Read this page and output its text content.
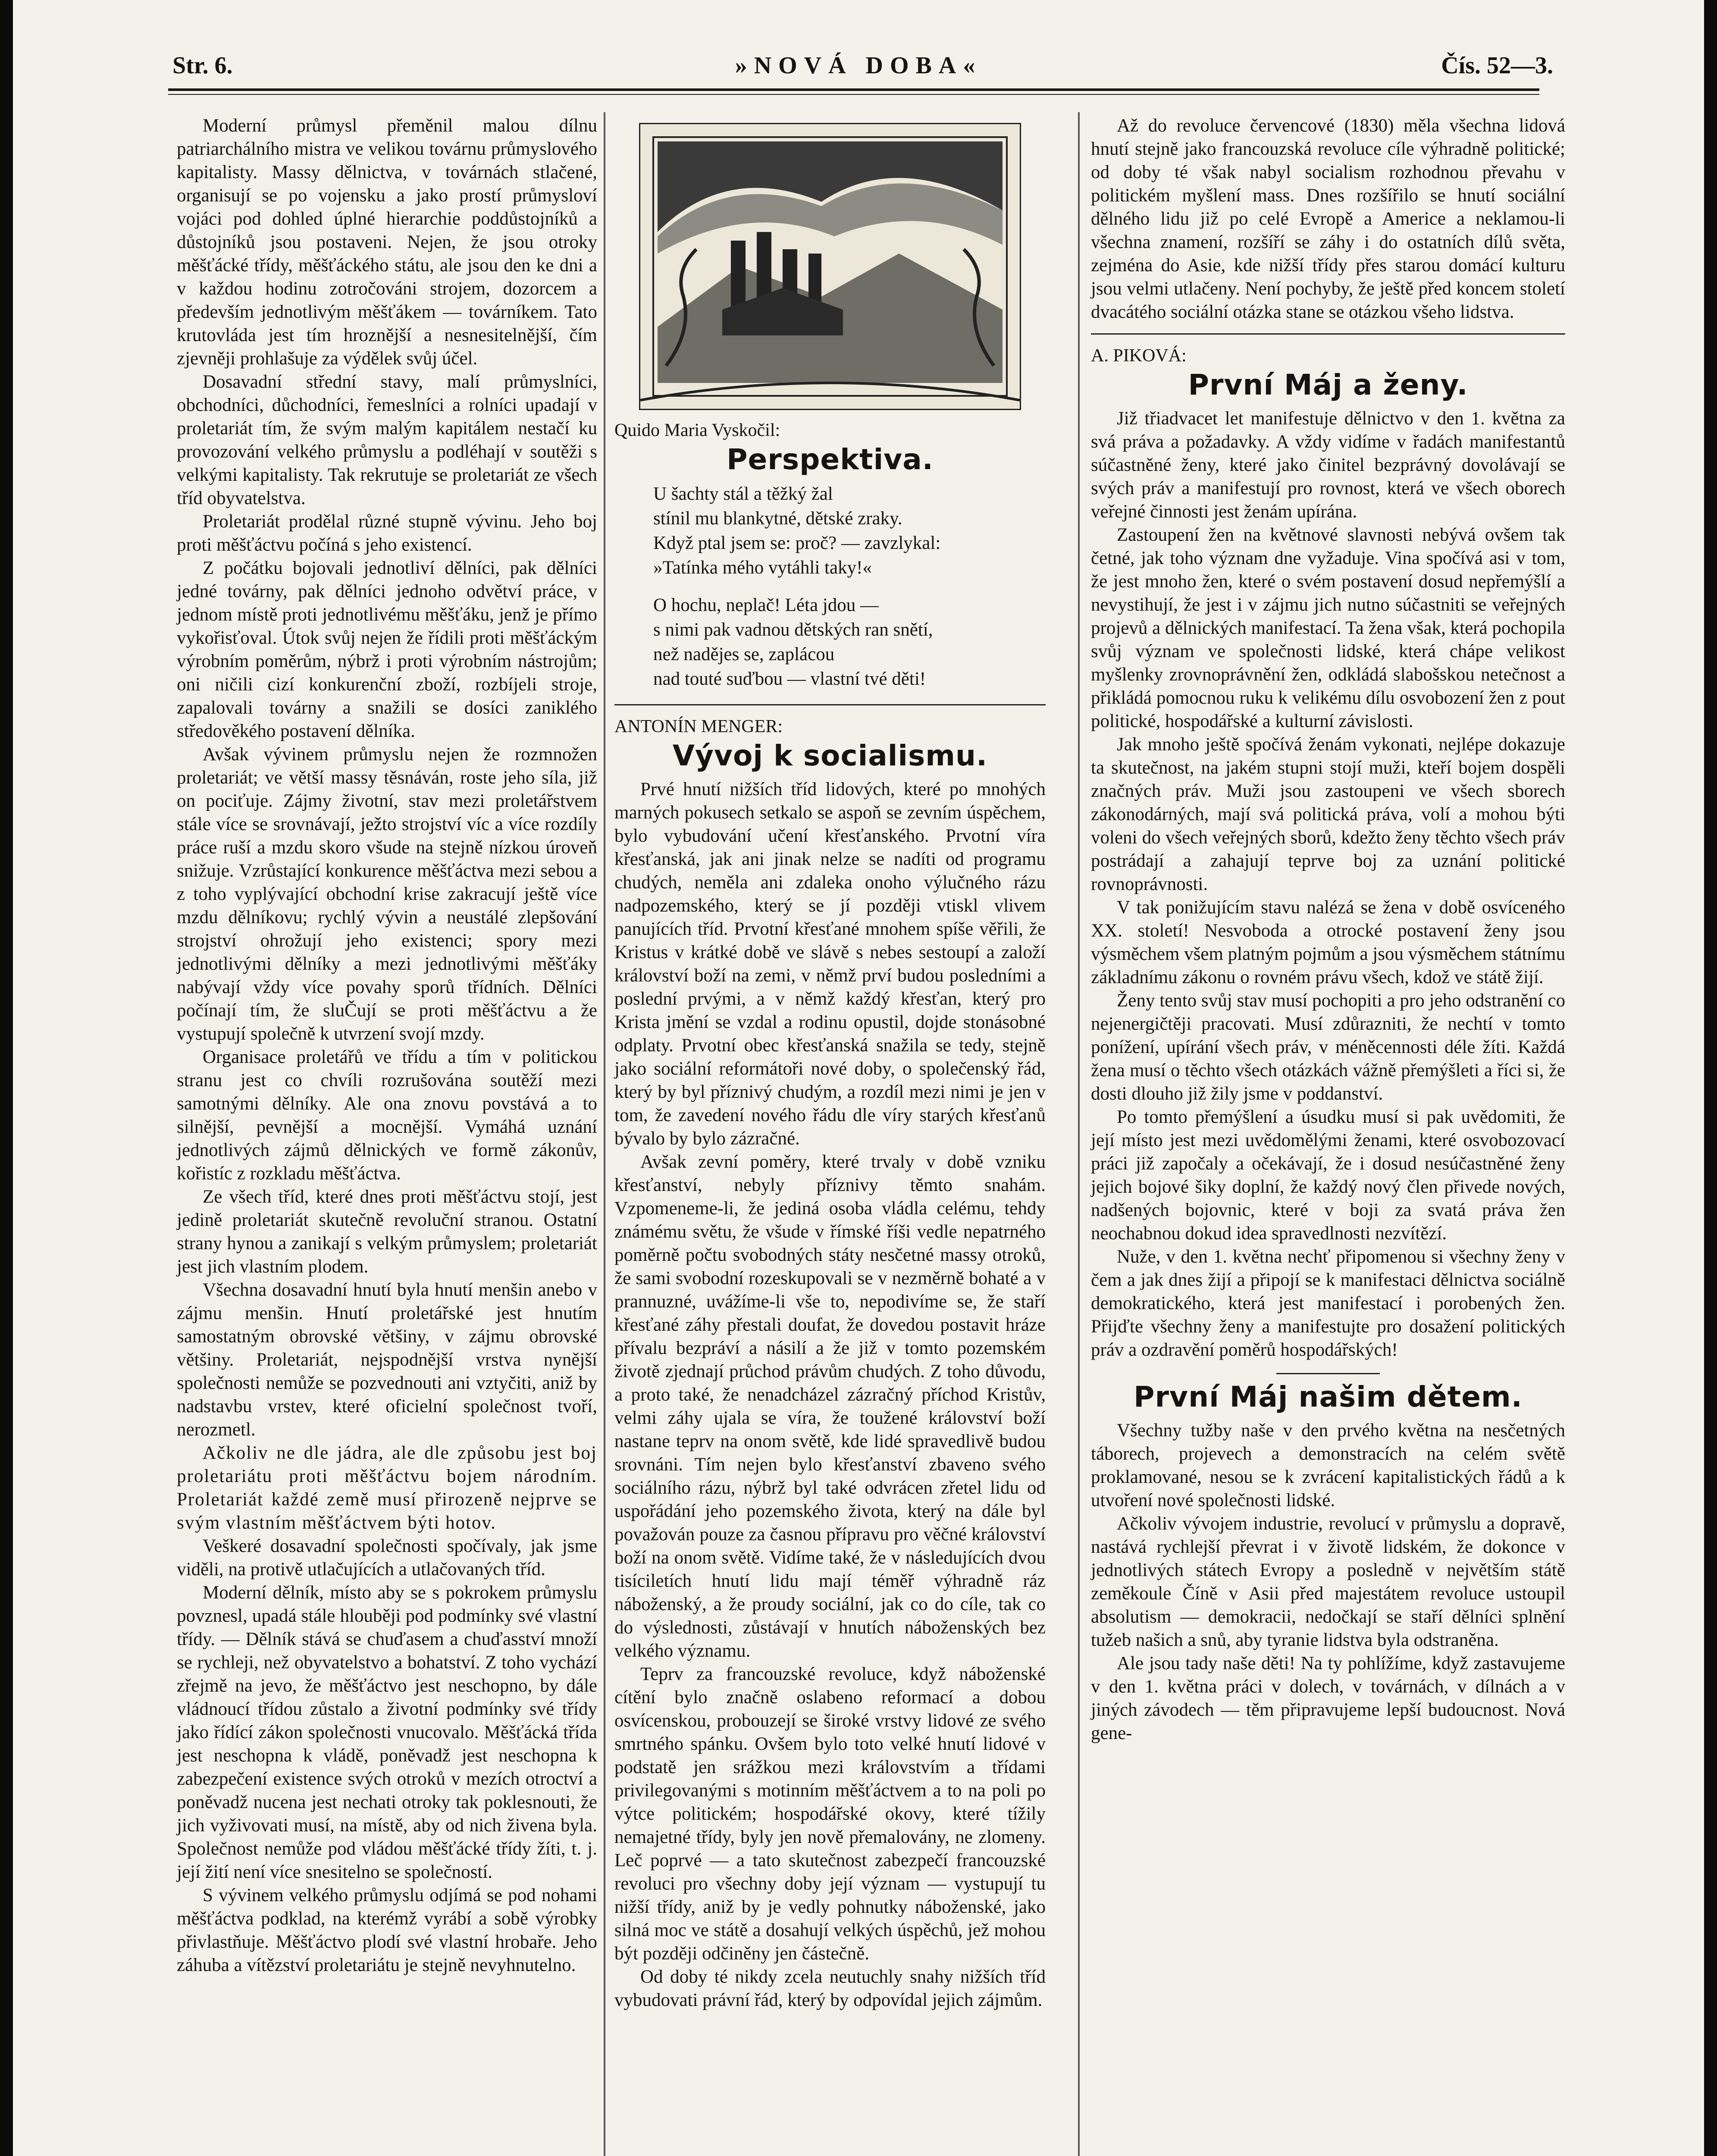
Str. 6.	»NOVÁ DOBA«	Čís. 52—3.

Moderní průmysl přeměnil malou dílnu patriarchálního mistra ve velikou továrnu průmyslového kapitalisty. Massy dělnictva, v továrnách stlačené, organisují se po vojensku a jako prostí průmysloví vojáci pod dohled úplné hierarchie poddůstojníků a důstojníků jsou postaveni. Nejen, že jsou otroky měšťácké třídy, měšťáckého státu, ale jsou den ke dni a v každou hodinu zotročováni strojem, dozorcem a především jednotlivým měšťákem — továrníkem. Tato krutovláda jest tím hroznější a nesnesitelnější, čím zjevněji prohlašuje za výdělek svůj účel.

Dosavadní střední stavy, malí průmyslníci, obchodníci, důchodníci, řemeslníci a rolníci upadají v proletariát tím, že svým malým kapitálem nestačí ku provozování velkého průmyslu a podléhají v soutěži s velkými kapitalisty. Tak rekrutuje se proletariát ze všech tříd obyvatelstva.

Proletariát prodělal různé stupně vývinu. Jeho boj proti měšťáctvu počíná s jeho existencí.

Z počátku bojovali jednotliví dělníci, pak dělníci jedné továrny, pak dělníci jednoho odvětví práce, v jednom místě proti jednotlivému měšťáku, jenž je přímo vykořisťoval. Útok svůj nejen že řídili proti měšťáckým výrobním poměrům, nýbrž i proti výrobním nástrojům; oni ničili cizí konkurenční zboží, rozbíjeli stroje, zapalovali továrny a snažili se dosíci zaniklého středověkého postavení dělníka.

Avšak vývinem průmyslu nejen že rozmnožen proletariát; ve větší massy těsnáván, roste jeho síla, již on pociťuje. Zájmy životní, stav mezi proletářstvem stále více se srovnávají, ježto strojství víc a více rozdíly práce ruší a mzdu skoro všude na stejně nízkou úroveň snižuje. Vzrůstající konkurence měšťáctva mezi sebou a z toho vyplývající obchodní krise zakracují ještě více mzdu dělníkovu; rychlý vývin a neustálé zlepšování strojství ohrožují jeho existenci; spory mezi jednotlivými dělníky a mezi jednotlivými měšťáky nabývají vždy více povahy sporů třídních. Dělníci počínají tím, že sluČují se proti měšťáctvu a že vystupují společně k utvrzení svojí mzdy.

Organisace proletářů ve třídu a tím v politickou stranu jest co chvíli rozrušována soutěží mezi samotnými dělníky. Ale ona znovu povstává a to silnější, pevnější a mocnější. Vymáhá uznání jednotlivých zájmů dělnických ve formě zákonův, kořistíc z rozkladu měšťáctva.

Ze všech tříd, které dnes proti měšťáctvu stojí, jest jedině proletariát skutečně revoluční stranou. Ostatní strany hynou a zanikají s velkým průmyslem; proletariát jest jich vlastním plodem.

Všechna dosavadní hnutí byla hnutí menšin anebo v zájmu menšin. Hnutí proletářské jest hnutím samostatným obrovské většiny, v zájmu obrovské většiny. Proletariát, nejspodnější vrstva nynější společnosti nemůže se pozvednouti ani vztyčiti, aniž by nadstavbu vrstev, které oficielní společnost tvoří, nerozmetl.

Ačkoliv ne dle jádra, ale dle způsobu jest boj proletariátu proti měšťáctvu bojem národním. Proletariát každé země musí přirozeně nejprve se svým vlastním měšťáctvem býti hotov.

Veškeré dosavadní společnosti spočívaly, jak jsme viděli, na protivě utlačujících a utlačovaných tříd.

Moderní dělník, místo aby se s pokrokem průmyslu povznesl, upadá stále hlouběji pod podmínky své vlastní třídy. — Dělník stává se chuďasem a chuďasství množí se rychleji, než obyvatelstvo a bohatství. Z toho vychází zřejmě na jevo, že měšťáctvo jest neschopno, by dále vládnoucí třídou zůstalo a životní podmínky své třídy jako řídící zákon společnosti vnucovalo. Měšťácká třída jest neschopna k vládě, poněvadž jest neschopna k zabezpečení existence svých otroků v mezích otroctví a poněvadž nucena jest nechati otroky tak poklesnouti, že jich vyživovati musí, na místě, aby od nich živena byla. Společnost nemůže pod vládou měšťácké třídy žíti, t. j. její žití není více snesitelno se společností.

S vývinem velkého průmyslu odjímá se pod nohami měšťáctva podklad, na kterémž vyrábí a sobě výrobky přivlastňuje. Měšťáctvo plodí své vlastní hrobaře. Jeho záhuba a vítězství proletariátu je stejně nevyhnutelno.

Quido Maria Vyskočil:

Perspektiva.
U šachty stál a těžký žal
stínil mu blankytné, dětské zraky.
Když ptal jsem se: proč? — zavzlykal:
»Tatínka mého vytáhli taky!«
O hochu, neplač! Léta jdou —
s nimi pak vadnou dětských ran snětí,
než nadějes se, zaplácou
nad touté suďbou — vlastní tvé děti!

ANTONÍN MENGER:

Vývoj k socialismu.

Prvé hnutí nižších tříd lidových, které po mnohých marných pokusech setkalo se aspoň se zevním úspěchem, bylo vybudování učení křesťanského. Prvotní víra křesťanská, jak ani jinak nelze se nadíti od programu chudých, neměla ani zdaleka onoho výlučného rázu nadpozemského, který se jí později vtiskl vlivem panujících tříd. Prvotní křesťané mnohem spíše věřili, že Kristus v krátké době ve slávě s nebes sestoupí a založí království boží na zemi, v němž prví budou posledními a poslední prvými, a v němž každý křesťan, který pro Krista jmění se vzdal a rodinu opustil, dojde stonásobné odplaty. Prvotní obec křesťanská snažila se tedy, stejně jako sociální reformátoři nové doby, o společenský řád, který by byl příznivý chudým, a rozdíl mezi nimi je jen v tom, že zavedení nového řádu dle víry starých křesťanů bývalo by bylo zázračné.

Avšak zevní poměry, které trvaly v době vzniku křesťanství, nebyly příznivy těmto snahám. Vzpomeneme-li, že jediná osoba vládla celému, tehdy známému světu, že všude v římské říši vedle nepatrného poměrně počtu svobodných státy nesčetné massy otroků, že sami svobodní rozeskupovali se v nezměrně bohaté a v prannuzné, uvážíme-li vše to, nepodivíme se, že staří křesťané záhy přestali doufat, že dovedou postavit hráze přívalu bezpráví a násilí a že již v tomto pozemském životě zjednají průchod právům chudých. Z toho důvodu, a proto také, že nenadcházel zázračný příchod Kristův, velmi záhy ujala se víra, že toužené království boží nastane teprv na onom světě, kde lidé spravedlivě budou srovnáni. Tím nejen bylo křesťanství zbaveno svého sociálního rázu, nýbrž byl také odvrácen zřetel lidu od uspořádání jeho pozemského života, který na dále byl považován pouze za časnou přípravu pro věčné království boží na onom světě. Vidíme také, že v následujících dvou tisíciletích hnutí lidu mají téměř výhradně ráz náboženský, a že proudy sociální, jak co do cíle, tak co do výslednosti, zůstávají v hnutích náboženských bez velkého významu.

Teprv za francouzské revoluce, když náboženské cítění bylo značně oslabeno reformací a dobou osvícenskou, probouzejí se široké vrstvy lidové ze svého smrtného spánku. Ovšem bylo toto velké hnutí lidové v podstatě jen srážkou mezi královstvím a třídami privilegovanými s motinním měšťáctvem a to na poli po výtce politickém; hospodářské okovy, které tížily nemajetné třídy, byly jen nově přemalovány, ne zlomeny. Leč poprvé — a tato skutečnost zabezpečí francouzské revoluci pro všechny doby její význam — vystupují tu nižší třídy, aniž by je vedly pohnutky náboženské, jako silná moc ve státě a dosahují velkých úspěchů, jež mohou být později odčiněny jen částečně.

Od doby té nikdy zcela neutuchly snahy nižších tříd vybudovati právní řád, který by odpovídal jejich zájmům.

Až do revoluce červencové (1830) měla všechna lidová hnutí stejně jako francouzská revoluce cíle výhradně politické; od doby té však nabyl socialism rozhodnou převahu v politickém myšlení mass. Dnes rozšířilo se hnutí sociální dělného lidu již po celé Evropě a Americe a neklamou-li všechna znamení, rozšíří se záhy i do ostatních dílů světa, zejména do Asie, kde nižší třídy přes starou domácí kulturu jsou velmi utlačeny. Není pochyby, že ještě před koncem století dvacátého sociální otázka stane se otázkou všeho lidstva.

A. PIKOVÁ:

První Máj a ženy.

Již třiadvacet let manifestuje dělnictvo v den 1. května za svá práva a požadavky. A vždy vidíme v řadách manifestantů súčastněné ženy, které jako činitel bezprávný dovolávají se svých práv a manifestují pro rovnost, která ve všech oborech veřejné činnosti jest ženám upírána.

Zastoupení žen na květnové slavnosti nebývá ovšem tak četné, jak toho význam dne vyžaduje. Vina spočívá asi v tom, že jest mnoho žen, které o svém postavení dosud nepřemýšlí a nevystihují, že jest i v zájmu jich nutno súčastniti se veřejných projevů a dělnických manifestací. Ta žena však, která pochopila svůj význam ve společnosti lidské, která chápe velikost myšlenky zrovnoprávnění žen, odkládá slabošskou netečnost a přikládá pomocnou ruku k velikému dílu osvobození žen z pout politické, hospodářské a kulturní závislosti.

Jak mnoho ještě spočívá ženám vykonati, nejlépe dokazuje ta skutečnost, na jakém stupni stojí muži, kteří bojem dospěli značných práv. Muži jsou zastoupeni ve všech sborech zákonodárných, mají svá politická práva, volí a mohou býti voleni do všech veřejných sborů, kdežto ženy těchto všech práv postrádají a zahajují teprve boj za uznání politické rovnoprávnosti.

V tak ponižujícím stavu nalézá se žena v době osvíceného XX. století! Nesvoboda a otrocké postavení ženy jsou výsměchem všem platným pojmům a jsou výsměchem státnímu základnímu zákonu o rovném právu všech, kdož ve státě žijí.

Ženy tento svůj stav musí pochopiti a pro jeho odstranění co nejenergičtěji pracovati. Musí zdůrazniti, že nechtí v tomto ponížení, upírání všech práv, v méněcennosti déle žíti. Každá žena musí o těchto všech otázkách vážně přemýšleti a říci si, že dosti dlouho již žily jsme v poddanství.

Po tomto přemýšlení a úsudku musí si pak uvědomiti, že její místo jest mezi uvědomělými ženami, které osvobozovací práci již započaly a očekávají, že i dosud nesúčastněné ženy jejich bojové šiky doplní, že každý nový člen přivede nových, nadšených bojovnic, které v boji za svatá práva žen neochabnou dokud idea spravedlnosti nezvítězí.

Nuže, v den 1. května nechť připomenou si všechny ženy v čem a jak dnes žijí a připojí se k manifestaci dělnictva sociálně demokratického, která jest manifestací i porobených žen. Přijďte všechny ženy a manifestujte pro dosažení politických práv a ozdravění poměrů hospodářských!

První Máj našim dětem.

Všechny tužby naše v den prvého května na nesčetných táborech, projevech a demonstracích na celém světě proklamované, nesou se k zvrácení kapitalistických řádů a k utvoření nové společnosti lidské.

Ačkoliv vývojem industrie, revolucí v průmyslu a dopravě, nastává rychlejší převrat i v životě lidském, že dokonce v jednotlivých státech Evropy a posledně v největším státě zeměkoule Číně v Asii před majestátem revoluce ustoupil absolutism — demokracii, nedočkají se staří dělníci splnění tužeb našich a snů, aby tyranie lidstva byla odstraněna.

Ale jsou tady naše děti! Na ty pohlížíme, když zastavujeme v den 1. května práci v dolech, v továrnách, v dílnách a v jiných závodech — těm připravujeme lepší budoucnost. Nová gene-
